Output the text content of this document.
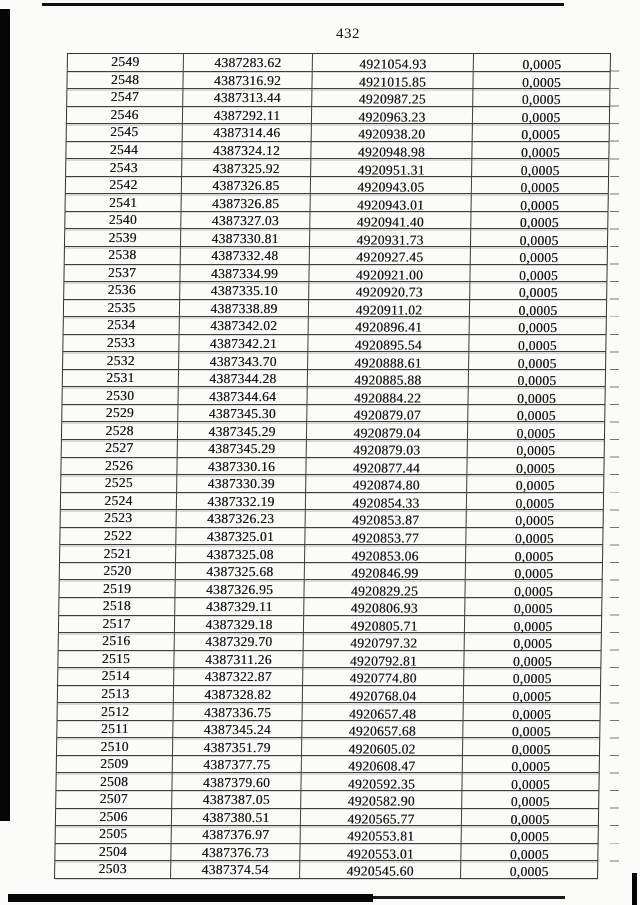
432
2549	4387283.62	4921054.93	0,0005
2548	4387316.92	4921015.85	0,0005
2547	4387313.44	4920987.25	0,0005
2546	4387292.11	4920963.23	0,0005
2545	4387314.46	4920938.20	0,0005
2544	4387324.12	4920948.98	0,0005
2543	4387325.92	4920951.31	0,0005
2542	4387326.85	4920943.05	0,0005
2541	4387326.85	4920943.01	0,0005
2540	4387327.03	4920941.40	0,0005
2539	4387330.81	4920931.73	0,0005
2538	4387332.48	4920927.45	0,0005
2537	4387334.99	4920921.00	0,0005
2536	4387335.10	4920920.73	0,0005
2535	4387338.89	4920911.02	0,0005
2534	4387342.02	4920896.41	0,0005
2533	4387342.21	4920895.54	0,0005
2532	4387343.70	4920888.61	0,0005
2531	4387344.28	4920885.88	0,0005
2530	4387344.64	4920884.22	0,0005
2529	4387345.30	4920879.07	0,0005
2528	4387345.29	4920879.04	0,0005
2527	4387345.29	4920879.03	0,0005
2526	4387330.16	4920877.44	0,0005
2525	4387330.39	4920874.80	0,0005
2524	4387332.19	4920854.33	0,0005
2523	4387326.23	4920853.87	0,0005
2522	4387325.01	4920853.77	0,0005
2521	4387325.08	4920853.06	0,0005
2520	4387325.68	4920846.99	0,0005
2519	4387326.95	4920829.25	0,0005
2518	4387329.11	4920806.93	0,0005
2517	4387329.18	4920805.71	0,0005
2516	4387329.70	4920797.32	0,0005
2515	4387311.26	4920792.81	0,0005
2514	4387322.87	4920774.80	0,0005
2513	4387328.82	4920768.04	0,0005
2512	4387336.75	4920657.48	0,0005
2511	4387345.24	4920657.68	0,0005
2510	4387351.79	4920605.02	0,0005
2509	4387377.75	4920608.47	0,0005
2508	4387379.60	4920592.35	0,0005
2507	4387387.05	4920582.90	0,0005
2506	4387380.51	4920565.77	0,0005
2505	4387376.97	4920553.81	0,0005
2504	4387376.73	4920553.01	0,0005
2503	4387374.54	4920545.60	0,0005
